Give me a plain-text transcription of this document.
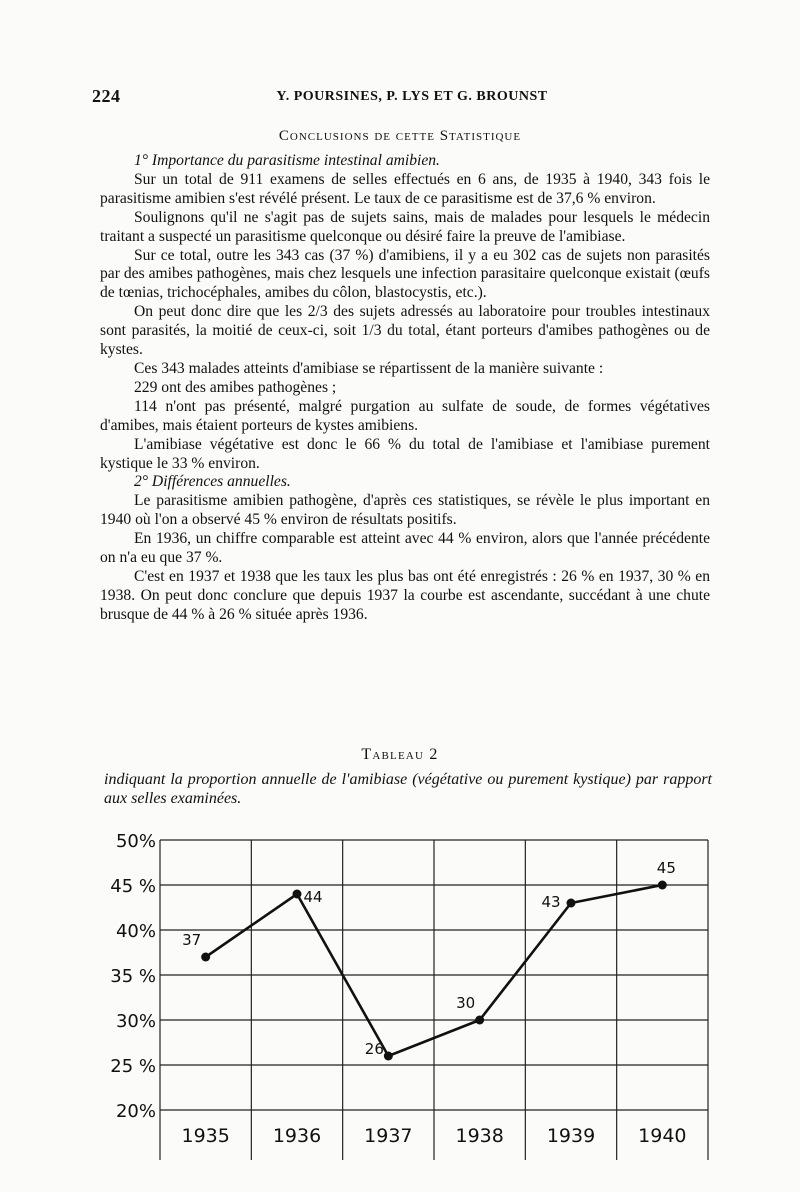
224	Y. POURSINES, P. LYS ET G. BROUNST
Conclusions de cette Statistique

1° Importance du parasitisme intestinal amibien.

Sur un total de 911 examens de selles effectués en 6 ans, de 1935 à 1940, 343 fois le parasitisme amibien s'est révélé présent. Le taux de ce parasitisme est de 37,6 % environ.

Soulignons qu'il ne s'agit pas de sujets sains, mais de malades pour lesquels le médecin traitant a suspecté un parasitisme quelconque ou désiré faire la preuve de l'amibiase.

Sur ce total, outre les 343 cas (37 %) d'amibiens, il y a eu 302 cas de sujets non parasités par des amibes pathogènes, mais chez lesquels une infection parasitaire quelconque existait (œufs de tœnias, trichocéphales, amibes du côlon, blastocystis, etc.).

On peut donc dire que les 2/3 des sujets adressés au laboratoire pour troubles intestinaux sont parasités, la moitié de ceux-ci, soit 1/3 du total, étant porteurs d'amibes pathogènes ou de kystes.

Ces 343 malades atteints d'amibiase se répartissent de la manière suivante :

229 ont des amibes pathogènes ;

114 n'ont pas présenté, malgré purgation au sulfate de soude, de formes végétatives d'amibes, mais étaient porteurs de kystes amibiens.

L'amibiase végétative est donc le 66 % du total de l'amibiase et l'amibiase purement kystique le 33 % environ.

2° Différences annuelles.

Le parasitisme amibien pathogène, d'après ces statistiques, se révèle le plus important en 1940 où l'on a observé 45 % environ de résultats positifs.

En 1936, un chiffre comparable est atteint avec 44 % environ, alors que l'année précédente on n'a eu que 37 %.

C'est en 1937 et 1938 que les taux les plus bas ont été enregistrés : 26 % en 1937, 30 % en 1938. On peut donc conclure que depuis 1937 la courbe est ascendante, succédant à une chute brusque de 44 % à 26 % située après 1936.

Tableau 2
indiquant la proportion annuelle de l'amibiase (végétative ou purement kystique) par rapport aux selles examinées.
50%
45 %
40%
35 %
30%
25 %
20%
1935 1936 1937 1938 1939 1940
37
44
26
30
43
45
